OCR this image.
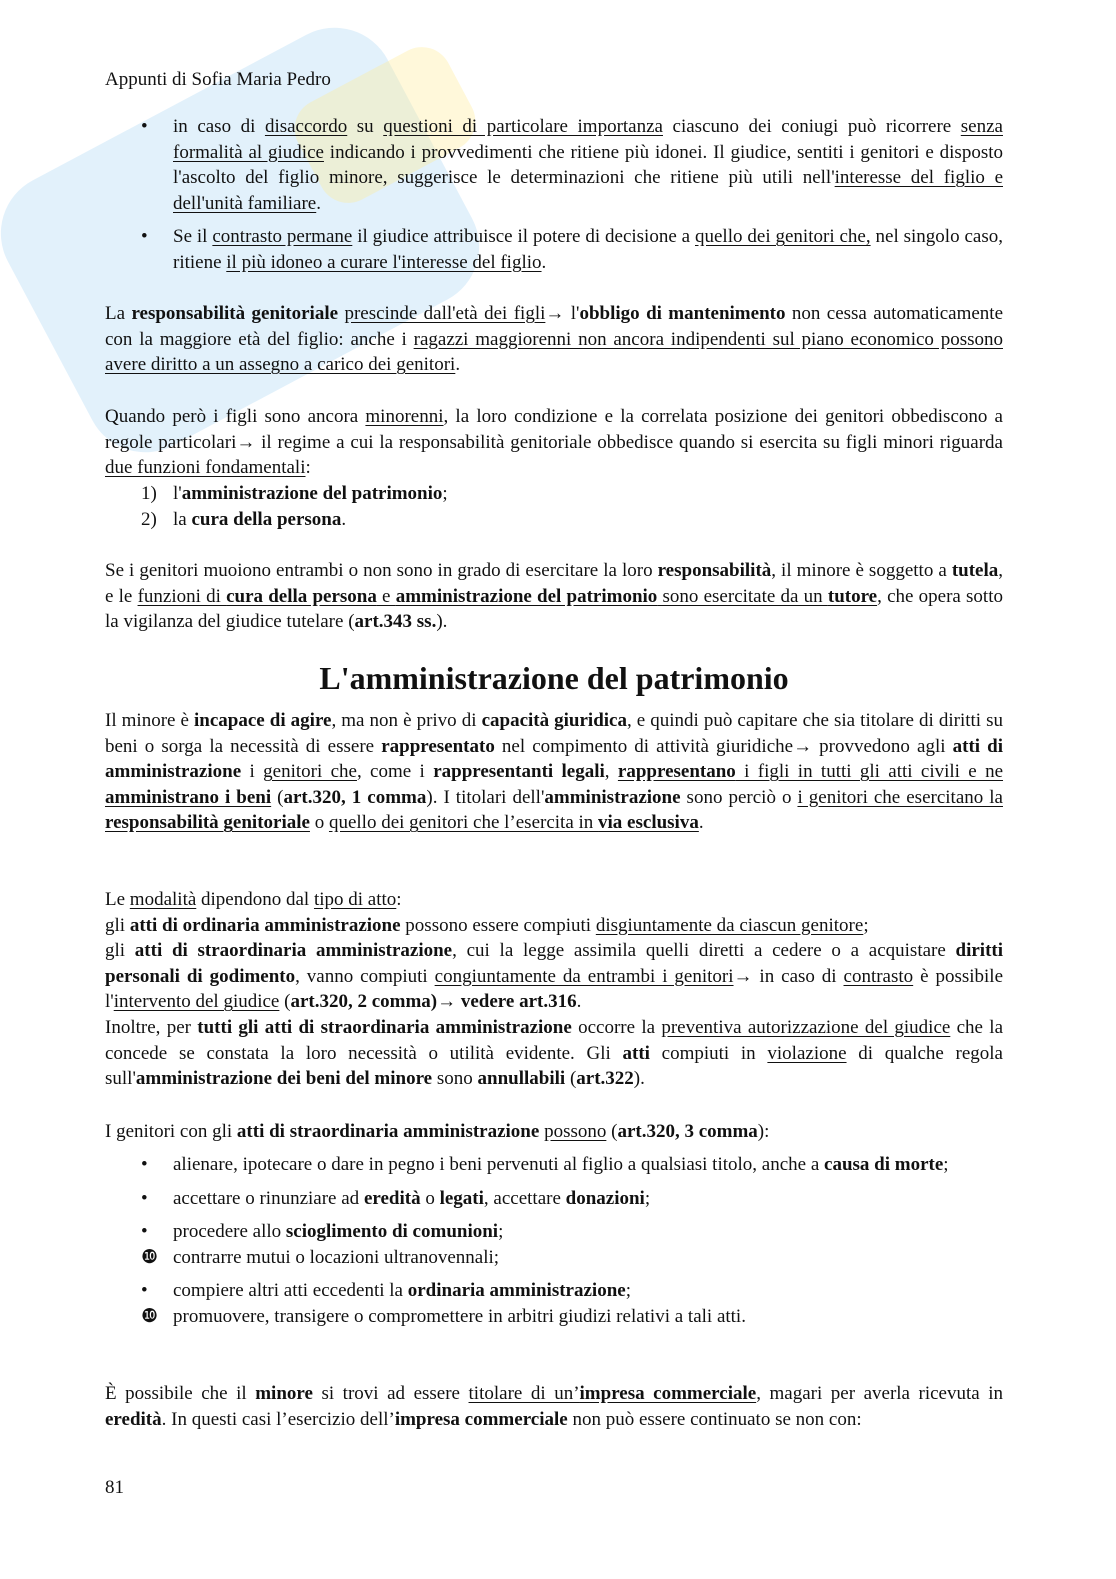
Appunti di Sofia Maria Pedro
• in caso di disaccordo su questioni di particolare importanza ciascuno dei coniugi può ricorrere senza formalità al giudice indicando i provvedimenti che ritiene più idonei. Il giudice, sentiti i genitori e disposto l'ascolto del figlio minore, suggerisce le determinazioni che ritiene più utili nell'interesse del figlio e dell'unità familiare.
• Se il contrasto permane il giudice attribuisce il potere di decisione a quello dei genitori che, nel singolo caso, ritiene il più idoneo a curare l'interesse del figlio.
La responsabilità genitoriale prescinde dall'età dei figli→ l'obbligo di mantenimento non cessa automaticamente con la maggiore età del figlio: anche i ragazzi maggiorenni non ancora indipendenti sul piano economico possono avere diritto a un assegno a carico dei genitori.
Quando però i figli sono ancora minorenni, la loro condizione e la correlata posizione dei genitori obbediscono a regole particolari→ il regime a cui la responsabilità genitoriale obbedisce quando si esercita su figli minori riguarda due funzioni fondamentali:
1) l'amministrazione del patrimonio;
2) la cura della persona.
Se i genitori muoiono entrambi o non sono in grado di esercitare la loro responsabilità, il minore è soggetto a tutela, e le funzioni di cura della persona e amministrazione del patrimonio sono esercitate da un tutore, che opera sotto la vigilanza del giudice tutelare (art.343 ss.).
L'amministrazione del patrimonio
Il minore è incapace di agire, ma non è privo di capacità giuridica, e quindi può capitare che sia titolare di diritti su beni o sorga la necessità di essere rappresentato nel compimento di attività giuridiche→ provvedono agli atti di amministrazione i genitori che, come i rappresentanti legali, rappresentano i figli in tutti gli atti civili e ne amministrano i beni (art.320, 1 comma). I titolari dell'amministrazione sono perciò o i genitori che esercitano la responsabilità genitoriale o quello dei genitori che l’esercita in via esclusiva.
Le modalità dipendono dal tipo di atto:
gli atti di ordinaria amministrazione possono essere compiuti disgiuntamente da ciascun genitore;
gli atti di straordinaria amministrazione, cui la legge assimila quelli diretti a cedere o a acquistare diritti personali di godimento, vanno compiuti congiuntamente da entrambi i genitori→ in caso di contrasto è possibile l'intervento del giudice (art.320, 2 comma)→ vedere art.316.
Inoltre, per tutti gli atti di straordinaria amministrazione occorre la preventiva autorizzazione del giudice che la concede se constata la loro necessità o utilità evidente. Gli atti compiuti in violazione di qualche regola sull'amministrazione dei beni del minore sono annullabili (art.322).
I genitori con gli atti di straordinaria amministrazione possono (art.320, 3 comma):
• alienare, ipotecare o dare in pegno i beni pervenuti al figlio a qualsiasi titolo, anche a causa di morte;
• accettare o rinunziare ad eredità o legati, accettare donazioni;
• procedere allo scioglimento di comunioni;
❿ contrarre mutui o locazioni ultranovennali;
• compiere altri atti eccedenti la ordinaria amministrazione;
❿ promuovere, transigere o compromettere in arbitri giudizi relativi a tali atti.
È possibile che il minore si trovi ad essere titolare di un’impresa commerciale, magari per averla ricevuta in eredità. In questi casi l’esercizio dell’impresa commerciale non può essere continuato se non con:
81
